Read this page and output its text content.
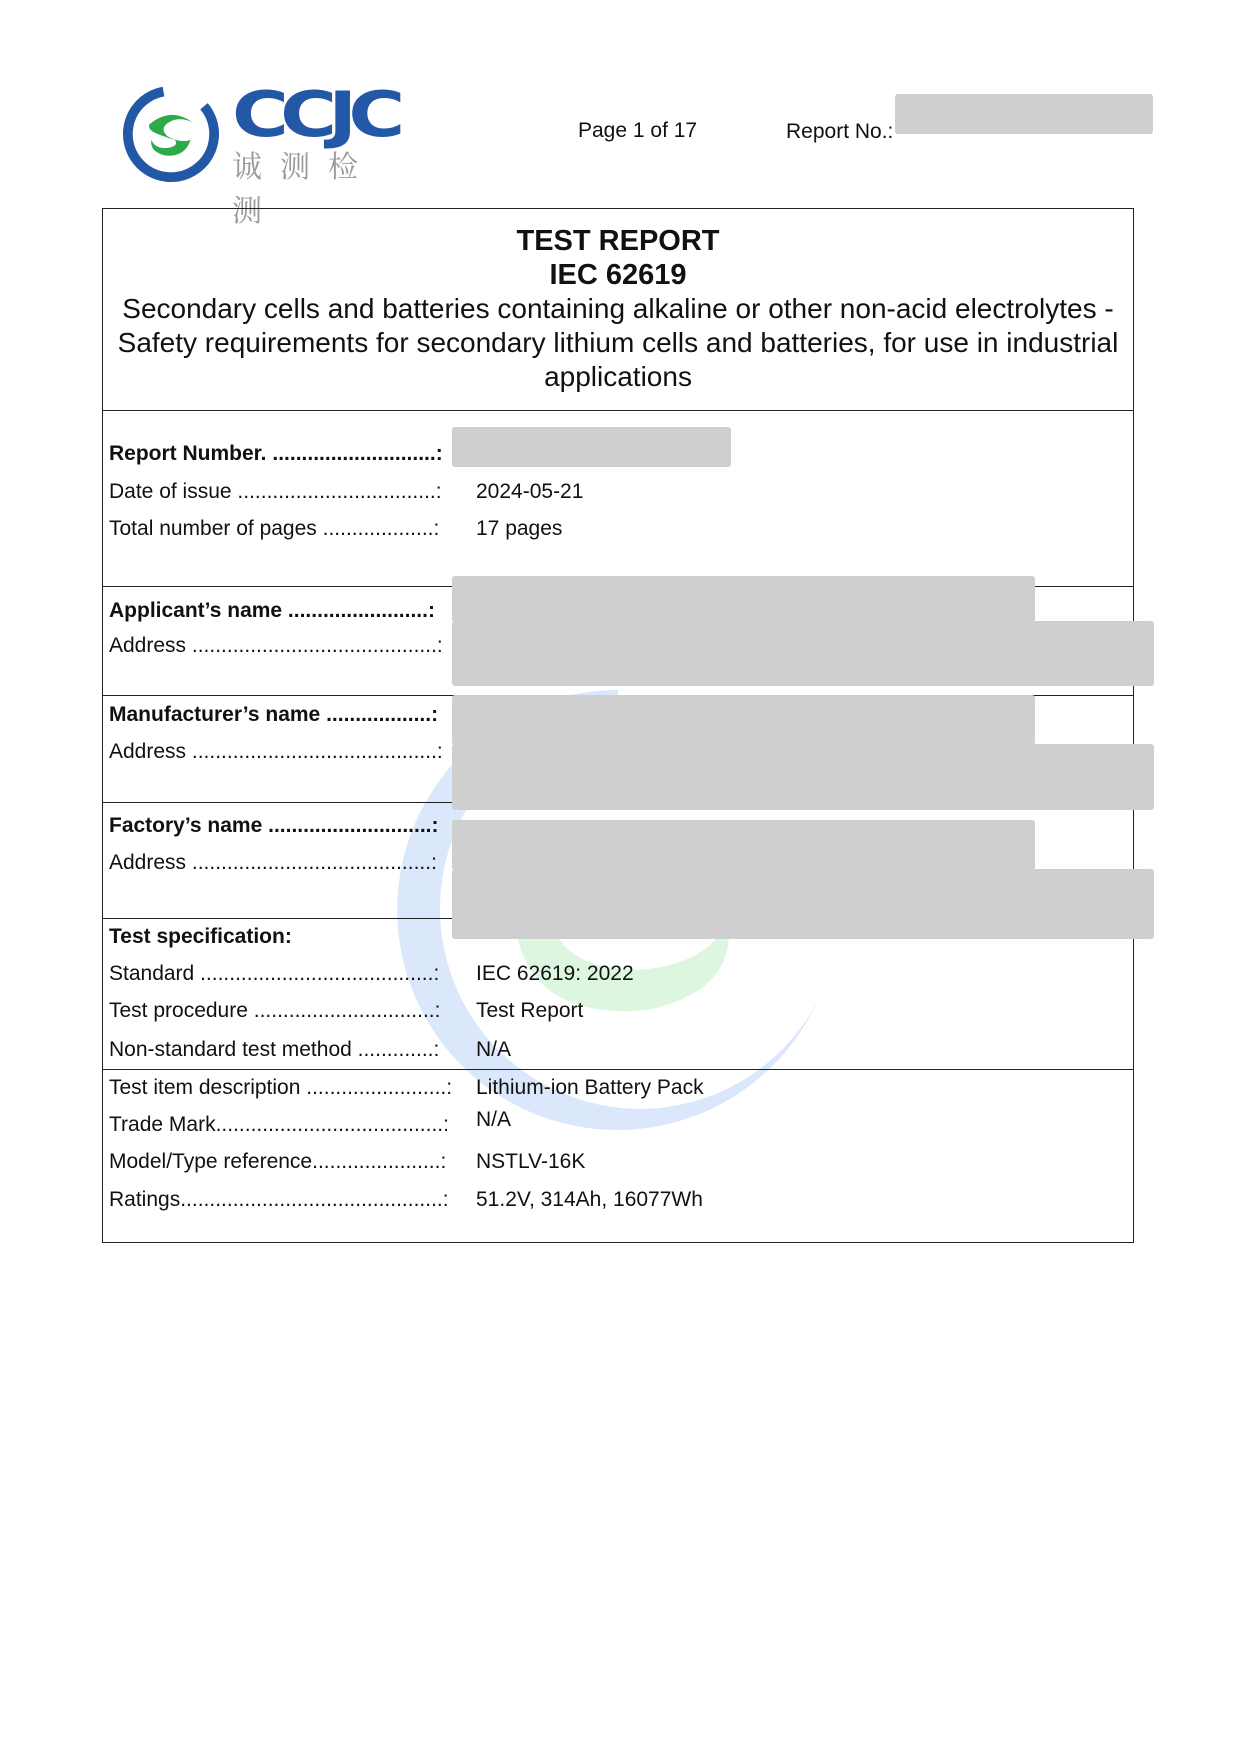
CCJC
诚测检测
Page 1 of 17	Report No.:
TEST REPORT
IEC 62619
Secondary cells and batteries containing alkaline or other non-acid electrolytes - Safety requirements for secondary lithium cells and batteries, for use in industrial applications
Report Number. ............................:
Date of issue ..................................: 2024-05-21
Total number of pages ...................: 17 pages
Applicant’s name ........................:
Address ..........................................:
Manufacturer’s name ..................:
Address ..........................................:
Factory’s name ............................:
Address .........................................:
Test specification:
Standard ........................................: IEC 62619: 2022
Test procedure ...............................: Test Report
Non-standard test method .............: N/A
Test item description ........................: Lithium-ion Battery Pack
Trade Mark.......................................: N/A
Model/Type reference......................: NSTLV-16K
Ratings.............................................: 51.2V, 314Ah, 16077Wh
